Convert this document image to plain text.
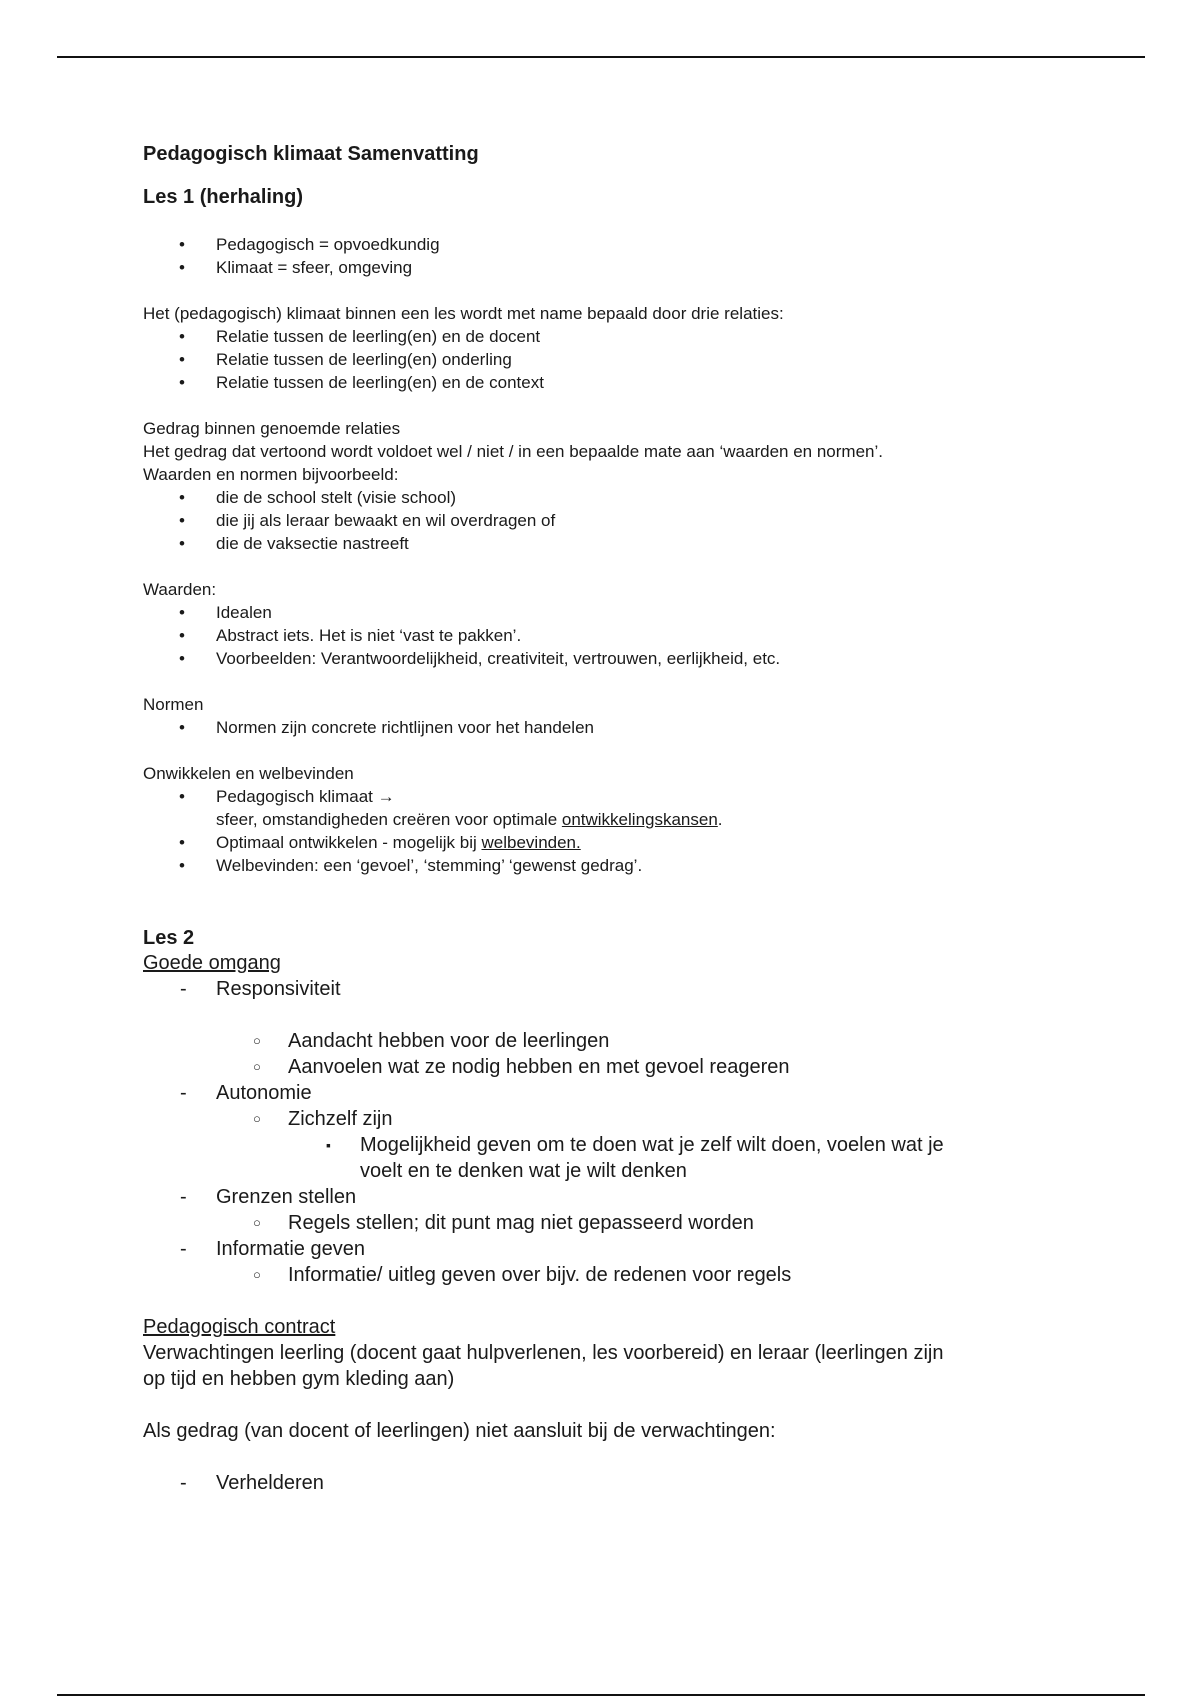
Pedagogisch klimaat Samenvatting
Les 1 (herhaling)
• Pedagogisch = opvoedkundig
• Klimaat = sfeer, omgeving

Het (pedagogisch) klimaat binnen een les wordt met name bepaald door drie relaties:

• Relatie tussen de leerling(en) en de docent
• Relatie tussen de leerling(en) onderling
• Relatie tussen de leerling(en) en de context

Gedrag binnen genoemde relaties

Het gedrag dat vertoond wordt voldoet wel / niet / in een bepaalde mate aan ‘waarden en normen’.

Waarden en normen bijvoorbeeld:

• die de school stelt (visie school)
• die jij als leraar bewaakt en wil overdragen of
• die de vaksectie nastreeft

Waarden:

• Idealen
• Abstract iets. Het is niet ‘vast te pakken’.
• Voorbeelden: Verantwoordelijkheid, creativiteit, vertrouwen, eerlijkheid, etc.

Normen

• Normen zijn concrete richtlijnen voor het handelen

Onwikkelen en welbevinden

• Pedagogisch klimaat →
sfeer, omstandigheden creëren voor optimale ontwikkelingskansen.
• Optimaal ontwikkelen - mogelijk bij welbevinden.
• Welbevinden: een ‘gevoel’, ‘stemming’ ‘gewenst gedrag’.
Les 2

Goede omgang

- Responsiviteit
○ Aandacht hebben voor de leerlingen
○ Aanvoelen wat ze nodig hebben en met gevoel reageren
- Autonomie
○ Zichzelf zijn
▪ Mogelijkheid geven om te doen wat je zelf wilt doen, voelen wat je
voelt en te denken wat je wilt denken
- Grenzen stellen
○ Regels stellen; dit punt mag niet gepasseerd worden
- Informatie geven
○ Informatie/ uitleg geven over bijv. de redenen voor regels

Pedagogisch contract

Verwachtingen leerling (docent gaat hulpverlenen, les voorbereid) en leraar (leerlingen zijn

op tijd en hebben gym kleding aan)

Als gedrag (van docent of leerlingen) niet aansluit bij de verwachtingen:

- Verhelderen
